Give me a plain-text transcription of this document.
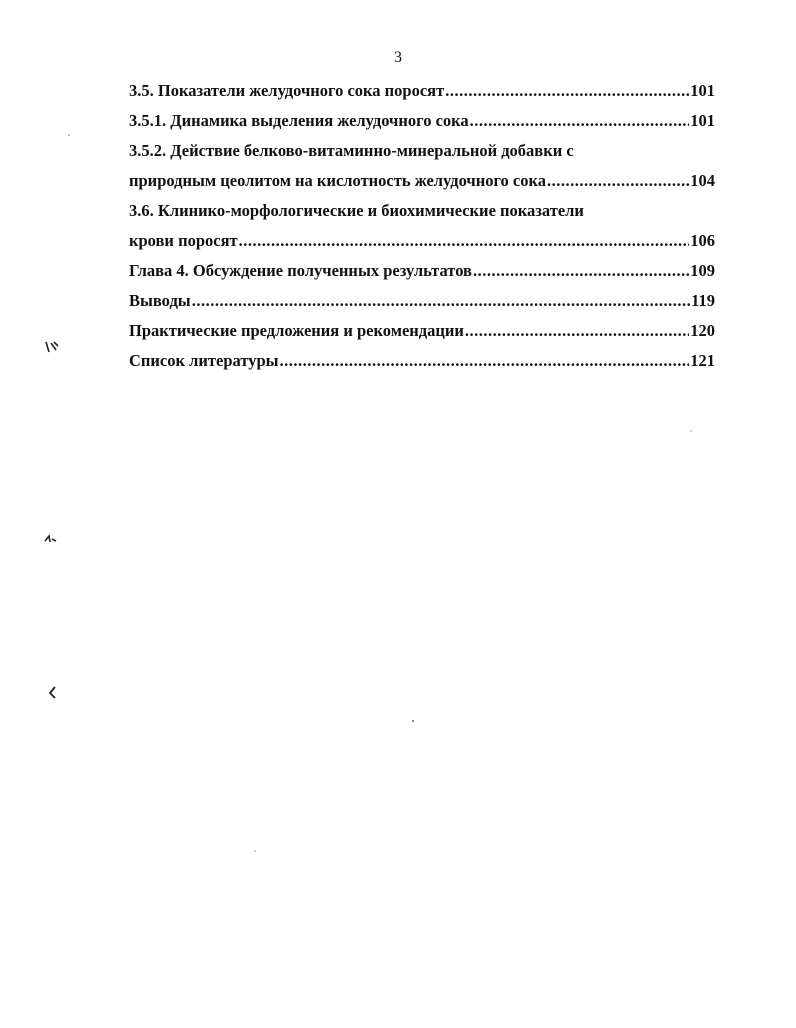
3
3.5. Показатели желудочного сока поросят .....	101
3.5.1. Динамика выделения желудочного сока .....	101
3.5.2. Действие белково-витаминно-минеральной добавки с
природным цеолитом на кислотность желудочного сока .....	104
3.6. Клинико-морфологические и биохимические показатели
крови поросят .....	106
Глава 4. Обсуждение полученных результатов .....	109
Выводы .....	119
Практические предложения и рекомендации .....	120
Список литературы .....	121
